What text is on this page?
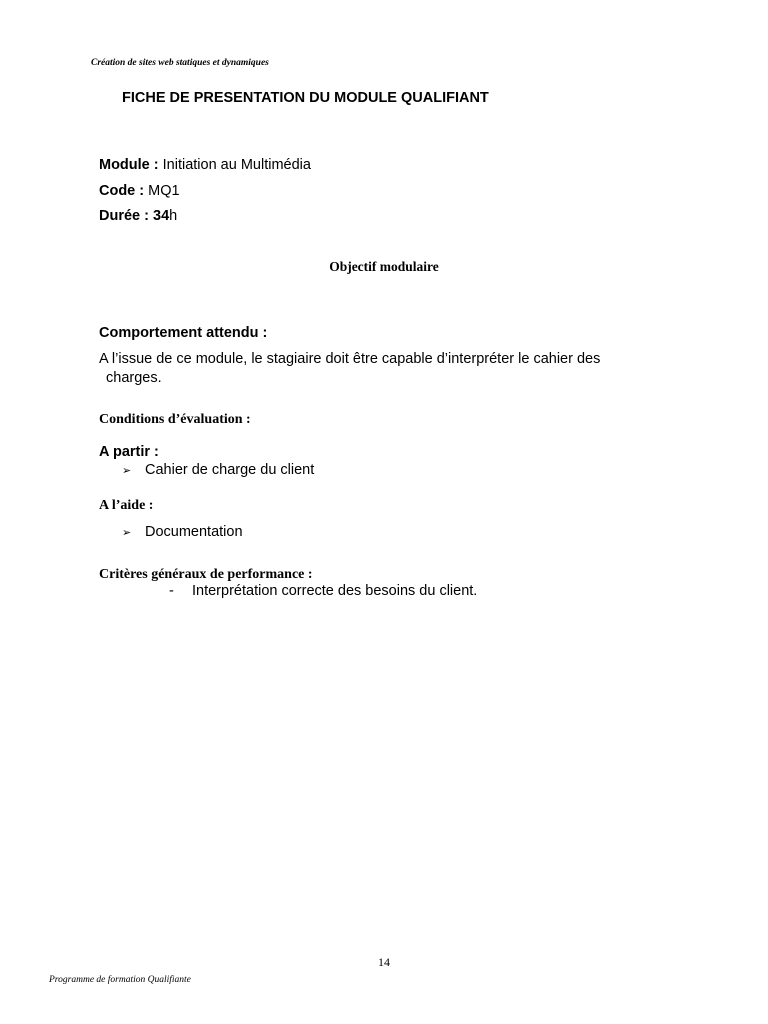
Création de sites web statiques et dynamiques
FICHE DE PRESENTATION DU MODULE QUALIFIANT
Module : Initiation au Multimédia
Code : MQ1
Durée : 34h
Objectif modulaire
Comportement attendu :
A l’issue de ce module, le stagiaire doit être capable d’interpréter le cahier des
charges.
Conditions d’évaluation :
A partir :
➢ Cahier de charge du client
A l’aide :
➢ Documentation
Critères généraux de performance :
- Interprétation correcte des besoins du client.
14
Programme de formation Qualifiante
